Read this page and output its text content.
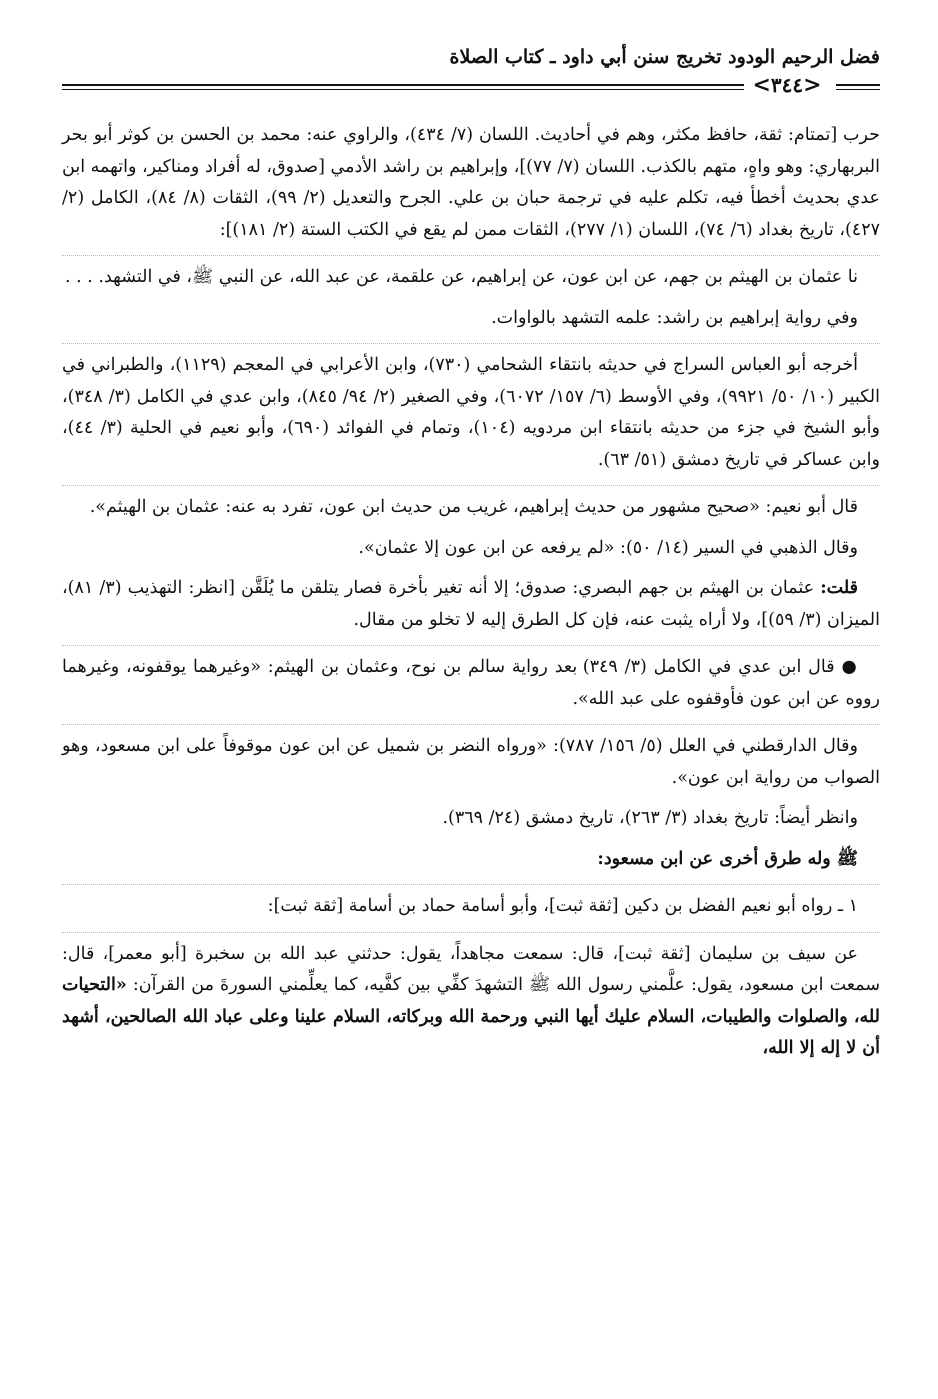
فضل الرحيم الودود تخريج سنن أبي داود ـ كتاب الصلاة
<٣٤٤>

حرب [تمتام: ثقة، حافظ مكثر، وهم في أحاديث. اللسان (٧/ ٤٣٤)، والراوي عنه: محمد بن الحسن بن كوثر أبو بحر البربهاري: وهو واهٍ، متهم بالكذب. اللسان (٧/ ٧٧)]، وإبراهيم بن راشد الأدمي [صدوق، له أفراد ومناكير، واتهمه ابن عدي بحديث أخطأ فيه، تكلم عليه في ترجمة حبان بن علي. الجرح والتعديل (٢/ ٩٩)، الثقات (٨/ ٨٤)، الكامل (٢/ ٤٢٧)، تاريخ بغداد (٦/ ٧٤)، اللسان (١/ ٢٧٧)، الثقات ممن لم يقع في الكتب الستة (٢/ ١٨١)]:

نا عثمان بن الهيثم بن جهم، عن ابن عون، عن إبراهيم، عن علقمة، عن عبد الله، عن النبي ﷺ، في التشهد. . . .

وفي رواية إبراهيم بن راشد: علمه التشهد بالواوات.

أخرجه أبو العباس السراج في حديثه بانتقاء الشحامي (٧٣٠)، وابن الأعرابي في المعجم (١١٢٩)، والطبراني في الكبير (١٠/ ٥٠/ ٩٩٢١)، وفي الأوسط (٦/ ١٥٧/ ٦٠٧٢)، وفي الصغير (٢/ ٩٤/ ٨٤٥)، وابن عدي في الكامل (٣/ ٣٤٨)، وأبو الشيخ في جزء من حديثه بانتقاء ابن مردويه (١٠٤)، وتمام في الفوائد (٦٩٠)، وأبو نعيم في الحلية (٣/ ٤٤)، وابن عساكر في تاريخ دمشق (٥١/ ٦٣).

قال أبو نعيم: «صحيح مشهور من حديث إبراهيم، غريب من حديث ابن عون، تفرد به عنه: عثمان بن الهيثم».

وقال الذهبي في السير (١٤/ ٥٠): «لم يرفعه عن ابن عون إلا عثمان».

قلت: عثمان بن الهيثم بن جهم البصري: صدوق؛ إلا أنه تغير بأخرة فصار يتلقن ما يُلَقَّن [انظر: التهذيب (٣/ ٨١)، الميزان (٣/ ٥٩)]، ولا أراه يثبت عنه، فإن كل الطرق إليه لا تخلو من مقال.

● قال ابن عدي في الكامل (٣/ ٣٤٩) بعد رواية سالم بن نوح، وعثمان بن الهيثم: «وغيرهما يوقفونه، وغيرهما رووه عن ابن عون فأوقفوه على عبد الله».

وقال الدارقطني في العلل (٥/ ١٥٦/ ٧٨٧): «ورواه النضر بن شميل عن ابن عون موقوفاً على ابن مسعود، وهو الصواب من رواية ابن عون».

وانظر أيضاً: تاريخ بغداد (٣/ ٢٦٣)، تاريخ دمشق (٢٤/ ٣٦٩).

ﷺ وله طرق أخرى عن ابن مسعود:

١ ـ رواه أبو نعيم الفضل بن دكين [ثقة ثبت]، وأبو أسامة حماد بن أسامة [ثقة ثبت]:

عن سيف بن سليمان [ثقة ثبت]، قال: سمعت مجاهداً، يقول: حدثني عبد الله بن سخبرة [أبو معمر]، قال: سمعت ابن مسعود، يقول: علَّمني رسول الله ﷺ التشهدَ كفِّي بين كفَّيه، كما يعلِّمني السورةَ من القرآن: «التحيات لله، والصلوات والطيبات، السلام عليك أيها النبي ورحمة الله وبركاته، السلام علينا وعلى عباد الله الصالحين، أشهد أن لا إله إلا الله،
